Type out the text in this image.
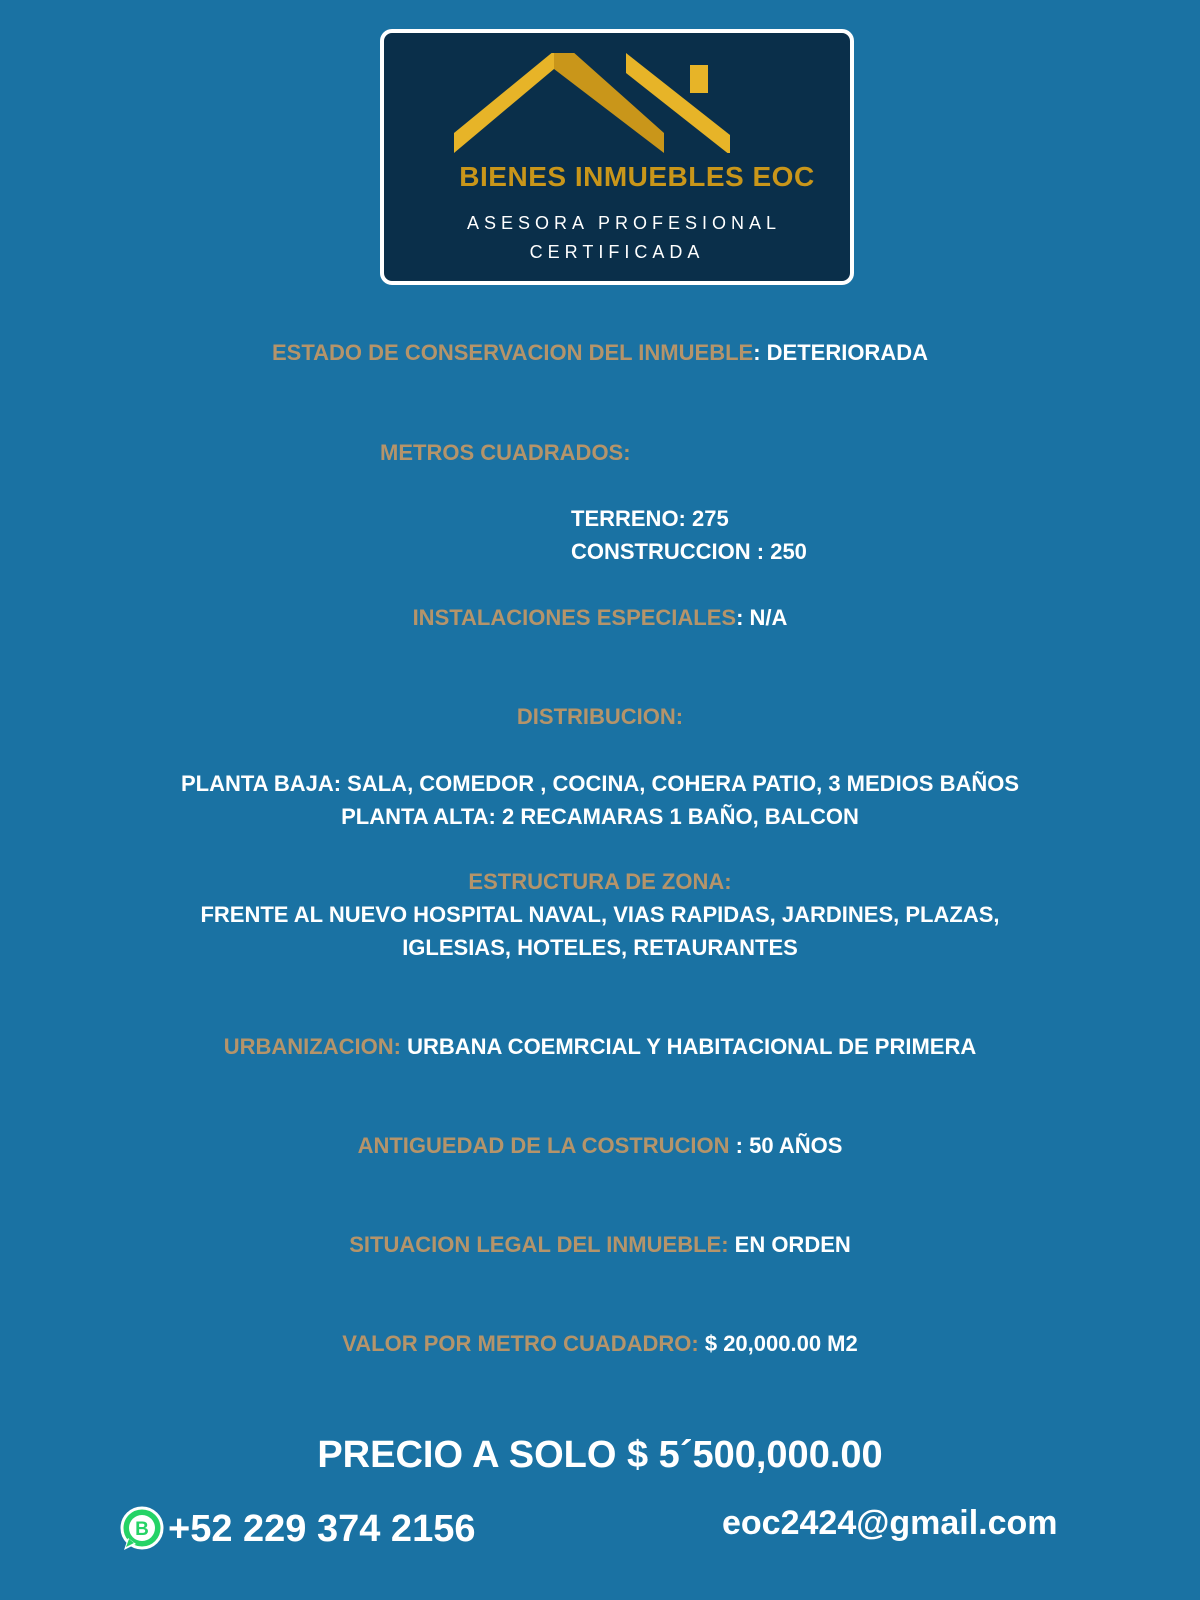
BIENES INMUEBLES EOC
ASESORA PROFESIONAL
CERTIFICADA
ESTADO DE CONSERVACION DEL INMUEBLE: DETERIORADA
METROS CUADRADOS:
TERRENO: 275
CONSTRUCCION : 250
INSTALACIONES ESPECIALES: N/A
DISTRIBUCION:
PLANTA BAJA: SALA, COMEDOR , COCINA, COHERA PATIO, 3 MEDIOS BAÑOS
PLANTA ALTA: 2 RECAMARAS 1 BAÑO, BALCON
ESTRUCTURA DE ZONA:
FRENTE AL NUEVO HOSPITAL NAVAL, VIAS RAPIDAS, JARDINES, PLAZAS,
IGLESIAS, HOTELES, RETAURANTES
URBANIZACION: URBANA COEMRCIAL Y HABITACIONAL DE PRIMERA
ANTIGUEDAD DE LA COSTRUCION : 50 AÑOS
SITUACION LEGAL DEL INMUEBLE: EN ORDEN
VALOR POR METRO CUADADRO: $ 20,000.00 M2
PRECIO A SOLO $ 5´500,000.00
B +52 229 374 2156	eoc2424@gmail.com
